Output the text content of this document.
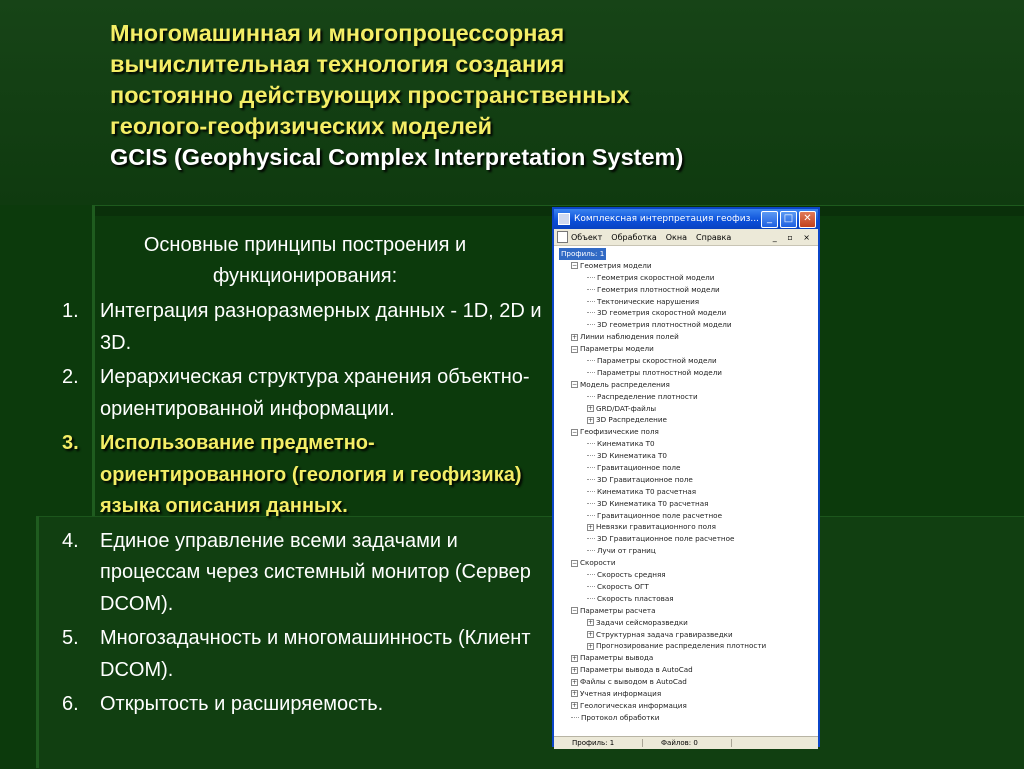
Многомашинная и многопроцессорная
вычислительная технология создания
постоянно действующих пространственных
геолого-геофизических моделей
GCIS (Geophysical Complex Interpretation System)
Основные принципы построения и функционирования:
1.	Интеграция разноразмерных данных - 1D, 2D и 3D.
2.	Иерархическая структура хранения объектно-ориентированной информации.
3.	Использование предметно-ориентированного (геология и геофизика) языка описания данных.
4.	Единое управление всеми задачами и процессам через системный монитор (Сервер DCOM).
5.	Многозадачность и многомашинность (Клиент DCOM).
6.	Открытость и расширяемость.
Комплексная интерпретация геофиз... _	□	✕
Объект Обработка Окна Справка	_ ▫ ×
Профиль: 1
− Геометрия модели
Геометрия скоростной модели
Геометрия плотностной модели
Тектонические нарушения
3D геометрия скоростной модели
3D геометрия плотностной модели
+ Линии наблюдения полей
− Параметры модели
Параметры скоростной модели
Параметры плотностной модели
− Модель распределения
Распределение плотности
+ GRD/DAT-файлы
+ 3D Распределение
− Геофизические поля
Кинематика Т0
3D Кинематика Т0
Гравитационное поле
3D Гравитационное поле
Кинематика Т0 расчетная
3D Кинематика Т0 расчетная
Гравитационное поле расчетное
+ Невязки гравитационного поля
3D Гравитационное поле расчетное
Лучи от границ
− Скорости
Скорость средняя
Скорость ОГТ
Скорость пластовая
− Параметры расчета
+ Задачи сейсморазведки
+ Структурная задача гравиразведки
+ Прогнозирование распределения плотности
+ Параметры вывода
+ Параметры вывода в AutoCad
+ Файлы с выводом в AutoCad
+ Учетная информация
+ Геологическая информация
Протокол обработки
Профиль: 1	Файлов: 0
